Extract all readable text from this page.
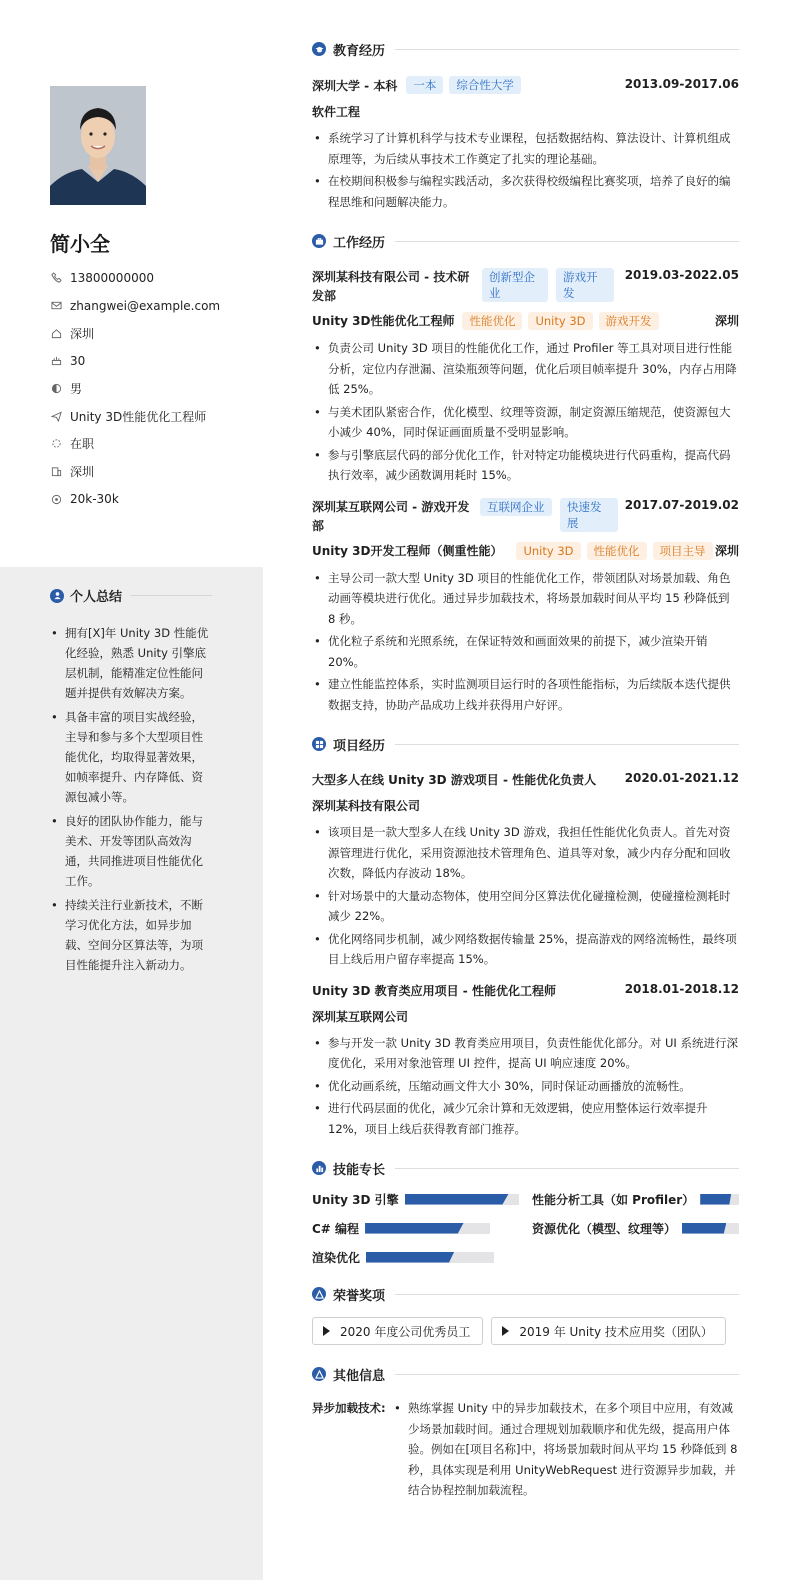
简小全
13800000000
zhangwei@example.com
深圳
30
男
Unity 3D性能优化工程师
在职
深圳
20k-30k
个人总结
• 拥有[X]年 Unity 3D 性能优化经验，熟悉 Unity 引擎底层机制，能精准定位性能问题并提供有效解决方案。
• 具备丰富的项目实战经验，主导和参与多个大型项目性能优化，均取得显著效果，如帧率提升、内存降低、资源包减小等。
• 良好的团队协作能力，能与美术、开发等团队高效沟通，共同推进项目性能优化工作。
• 持续关注行业新技术，不断学习优化方法，如异步加载、空间分区算法等，为项目性能提升注入新动力。
教育经历
深圳大学 - 本科	一本	综合性大学	2013.09-2017.06
软件工程
• 系统学习了计算机科学与技术专业课程，包括数据结构、算法设计、计算机组成原理等，为后续从事技术工作奠定了扎实的理论基础。
• 在校期间积极参与编程实践活动，多次获得校级编程比赛奖项，培养了良好的编程思维和问题解决能力。
工作经历
深圳某科技有限公司 - 技术研发部
创新型企业
游戏开发
2019.03-2022.05
Unity 3D性能优化工程师	性能优化	Unity 3D	游戏开发	深圳
• 负责公司 Unity 3D 项目的性能优化工作，通过 Profiler 等工具对项目进行性能分析，定位内存泄漏、渲染瓶颈等问题，优化后项目帧率提升 30%，内存占用降低 25%。
• 与美术团队紧密合作，优化模型、纹理等资源，制定资源压缩规范，使资源包大小减少 40%，同时保证画面质量不受明显影响。
• 参与引擎底层代码的部分优化工作，针对特定功能模块进行代码重构，提高代码执行效率，减少函数调用耗时 15%。
深圳某互联网公司 - 游戏开发部
互联网企业	快速发展
2017.07-2019.02
Unity 3D开发工程师（侧重性能）	Unity 3D	性能优化	项目主导 深圳
• 主导公司一款大型 Unity 3D 项目的性能优化工作，带领团队对场景加载、角色动画等模块进行优化。通过异步加载技术，将场景加载时间从平均 15 秒降低到 8 秒。
• 优化粒子系统和光照系统，在保证特效和画面效果的前提下，减少渲染开销 20%。
• 建立性能监控体系，实时监测项目运行时的各项性能指标，为后续版本迭代提供数据支持，协助产品成功上线并获得用户好评。
项目经历
大型多人在线 Unity 3D 游戏项目 - 性能优化负责人 2020.01-2021.12
深圳某科技有限公司
• 该项目是一款大型多人在线 Unity 3D 游戏，我担任性能优化负责人。首先对资源管理进行优化，采用资源池技术管理角色、道具等对象，减少内存分配和回收次数，降低内存波动 18%。
• 针对场景中的大量动态物体，使用空间分区算法优化碰撞检测，使碰撞检测耗时减少 22%。
• 优化网络同步机制，减少网络数据传输量 25%，提高游戏的网络流畅性，最终项目上线后用户留存率提高 15%。
Unity 3D 教育类应用项目 - 性能优化工程师	2018.01-2018.12
深圳某互联网公司
• 参与开发一款 Unity 3D 教育类应用项目，负责性能优化部分。对 UI 系统进行深度优化，采用对象池管理 UI 控件，提高 UI 响应速度 20%。
• 优化动画系统，压缩动画文件大小 30%，同时保证动画播放的流畅性。
• 进行代码层面的优化，减少冗余计算和无效逻辑，使应用整体运行效率提升 12%，项目上线后获得教育部门推荐。
技能专长
Unity 3D 引擎	性能分析工具（如 Profiler）
C# 编程	资源优化（模型、纹理等）
渲染优化
荣誉奖项
2020 年度公司优秀员工	2019 年 Unity 技术应用奖（团队）
其他信息
异步加载技术:
•	熟练掌握 Unity 中的异步加载技术，在多个项目中应用，有效减少场景加载时间。通过合理规划加载顺序和优先级，提高用户体验。例如在[项目名称]中，将场景加载时间从平均 15 秒降低到 8 秒，具体实现是利用 UnityWebRequest 进行资源异步加载，并结合协程控制加载流程。
